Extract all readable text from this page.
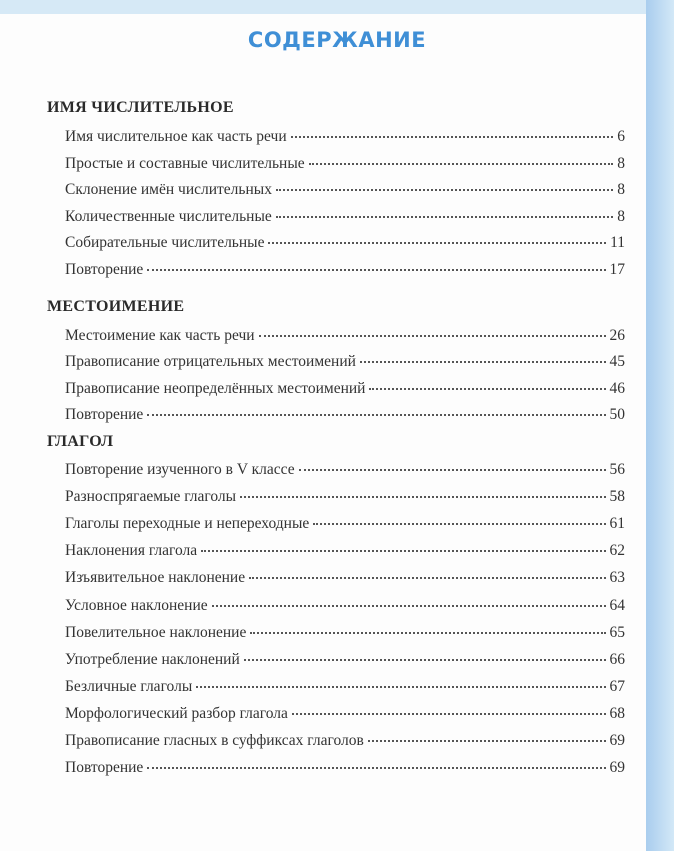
СОДЕРЖАНИЕ
ИМЯ ЧИСЛИТЕЛЬНОЕ
Имя числительное как часть речи	6
Простые и составные числительные	8
Склонение имён числительных	8
Количественные числительные	8
Собирательные числительные	11
Повторение	17
МЕСТОИМЕНИЕ
Местоимение как часть речи	26
Правописание отрицательных местоимений	45
Правописание неопределённых местоимений	46
Повторение	50
ГЛАГОЛ
Повторение изученного в V классе	56
Разноспрягаемые глаголы	58
Глаголы переходные и непереходные	61
Наклонения глагола	62
Изъявительное наклонение	63
Условное наклонение	64
Повелительное наклонение	65
Употребление наклонений	66
Безличные глаголы	67
Морфологический разбор глагола	68
Правописание гласных в суффиксах глаголов	69
Повторение	69
